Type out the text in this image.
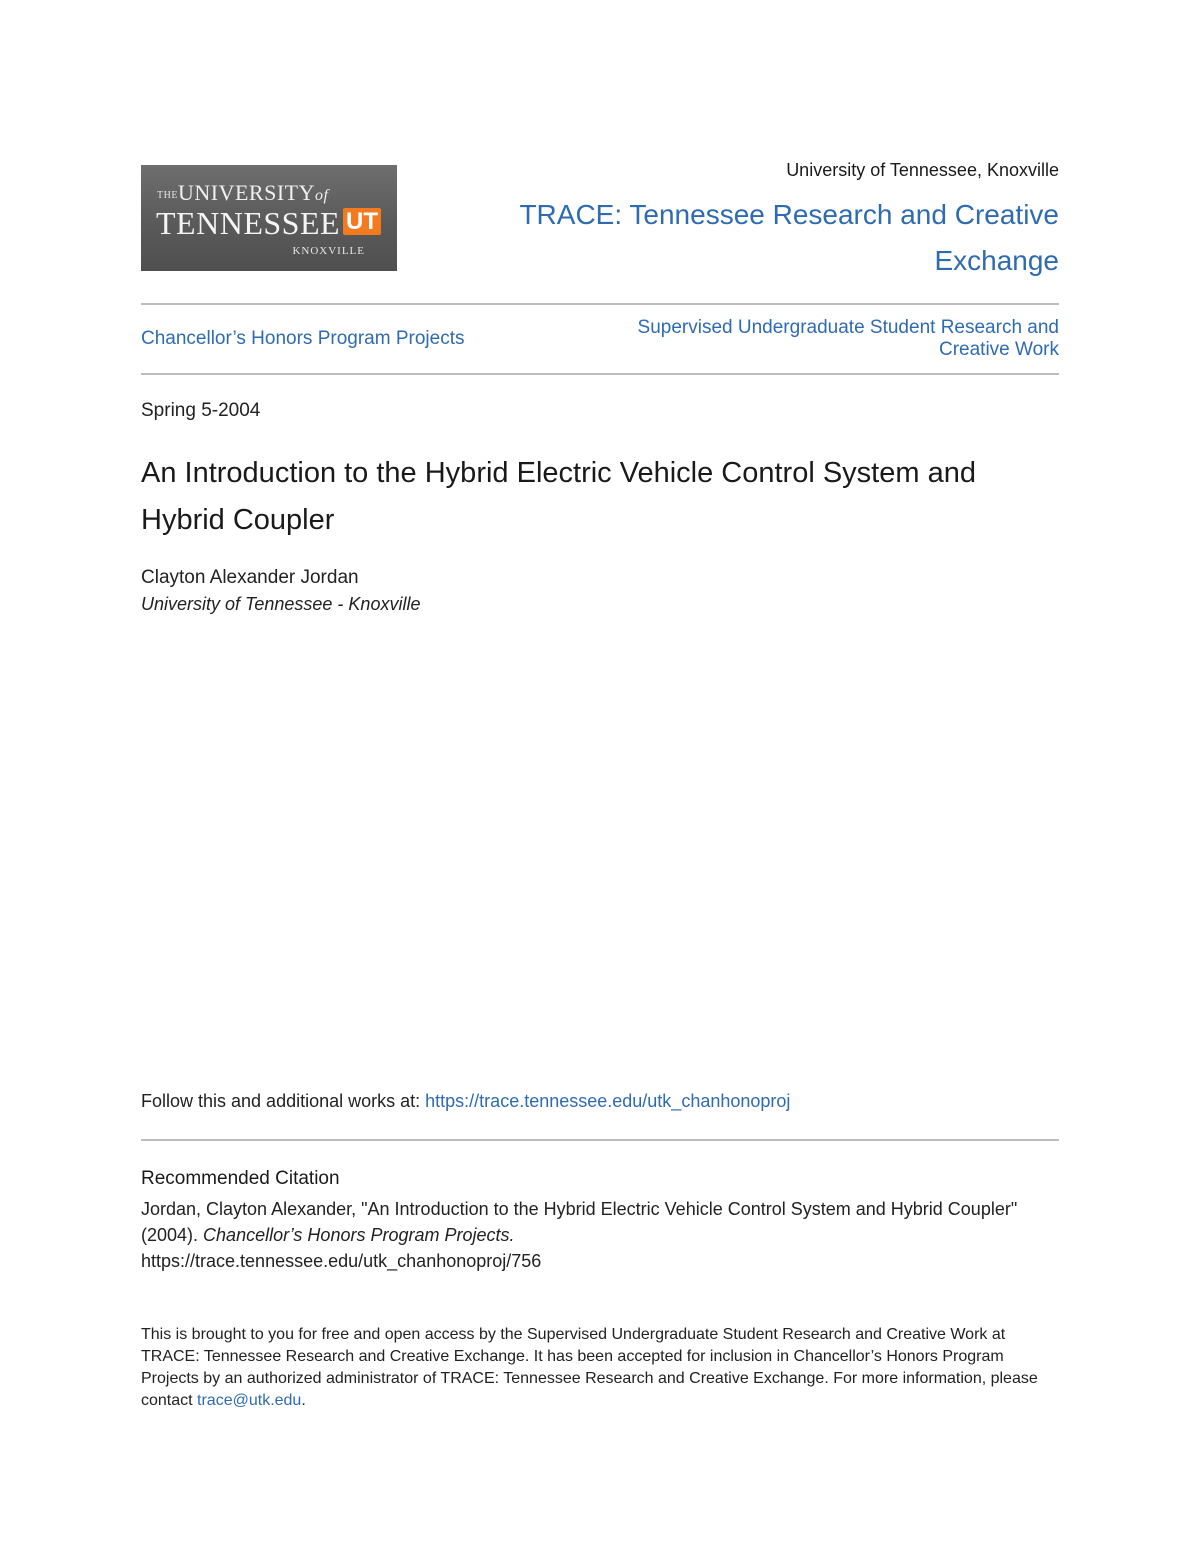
THE UNIVERSITYof
TENNESSEE UT
KNOXVILLE
University of Tennessee, Knoxville
TRACE: Tennessee Research and Creative Exchange
Chancellor’s Honors Program Projects
Supervised Undergraduate Student Research and Creative Work
Spring 5-2004
An Introduction to the Hybrid Electric Vehicle Control System and Hybrid Coupler
Clayton Alexander Jordan
University of Tennessee - Knoxville
Follow this and additional works at: https://trace.tennessee.edu/utk_chanhonoproj
Recommended Citation
Jordan, Clayton Alexander, "An Introduction to the Hybrid Electric Vehicle Control System and Hybrid Coupler" (2004). Chancellor’s Honors Program Projects.
https://trace.tennessee.edu/utk_chanhonoproj/756
This is brought to you for free and open access by the Supervised Undergraduate Student Research and Creative Work at TRACE: Tennessee Research and Creative Exchange. It has been accepted for inclusion in Chancellor’s Honors Program Projects by an authorized administrator of TRACE: Tennessee Research and Creative Exchange. For more information, please contact trace@utk.edu.
